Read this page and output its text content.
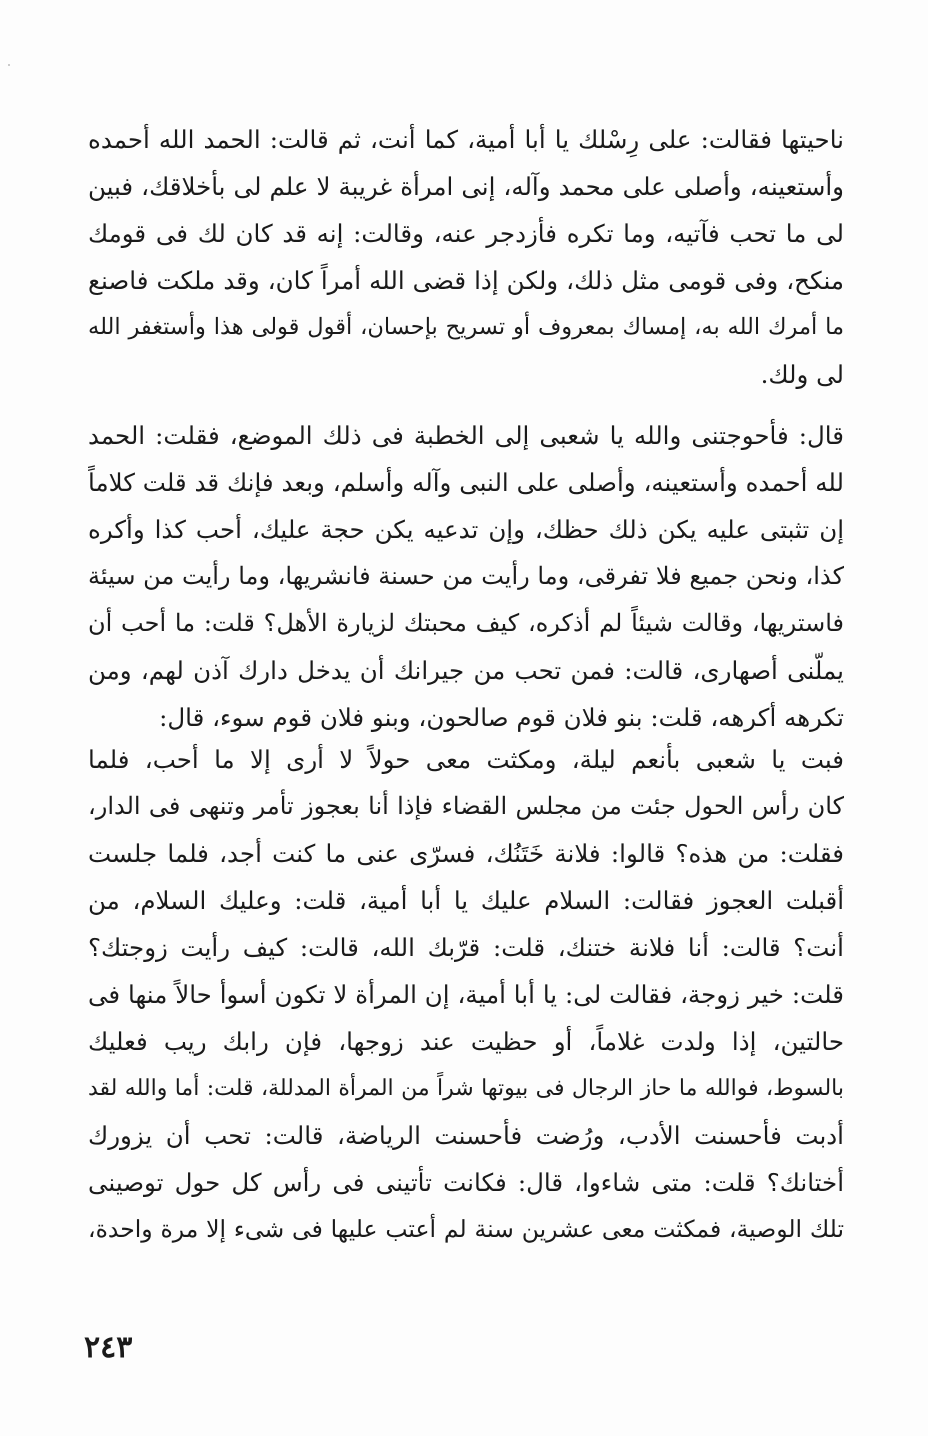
ناحيتها فقالت: على رِسْلك يا أبا أمية، كما أنت، ثم قالت: الحمد الله أحمده
وأستعينه، وأصلى على محمد وآله، إنى امرأة غريبة لا علم لى بأخلاقك، فبين
لى ما تحب فآتيه، وما تكره فأزدجر عنه، وقالت: إنه قد كان لك فى قومك
منكح، وفى قومى مثل ذلك، ولكن إذا قضى الله أمراً كان، وقد ملكت فاصنع
ما أمرك الله به، إمساك بمعروف أو تسريح بإحسان، أقول قولى هذا وأستغفر الله
لى ولك.
قال: فأحوجتنى والله يا شعبى إلى الخطبة فى ذلك الموضع، فقلت: الحمد
لله أحمده وأستعينه، وأصلى على النبى وآله وأسلم، وبعد فإنك قد قلت كلاماً
إن تثبتى عليه يكن ذلك حظك، وإن تدعيه يكن حجة عليك، أحب كذا وأكره
كذا، ونحن جميع فلا تفرقى، وما رأيت من حسنة فانشريها، وما رأيت من سيئة
فاستريها، وقالت شيئاً لم أذكره، كيف محبتك لزيارة الأهل؟ قلت: ما أحب أن
يملّنى أصهارى، قالت: فمن تحب من جيرانك أن يدخل دارك آذن لهم، ومن
تكرهه أكرهه، قلت: بنو فلان قوم صالحون، وبنو فلان قوم سوء، قال:
فبت يا شعبى بأنعم ليلة، ومكثت معى حولاً لا أرى إلا ما أحب، فلما
كان رأس الحول جئت من مجلس القضاء فإذا أنا بعجوز تأمر وتنهى فى الدار،
فقلت: من هذه؟ قالوا: فلانة خَتَنُك، فسرّى عنى ما كنت أجد، فلما جلست
أقبلت العجوز فقالت: السلام عليك يا أبا أمية، قلت: وعليك السلام، من
أنت؟ قالت: أنا فلانة ختنك، قلت: قرّبك الله، قالت: كيف رأيت زوجتك؟
قلت: خير زوجة، فقالت لى: يا أبا أمية، إن المرأة لا تكون أسوأ حالاً منها فى
حالتين، إذا ولدت غلاماً، أو حظيت عند زوجها، فإن رابك ريب فعليك
بالسوط، فوالله ما حاز الرجال فى بيوتها شراً من المرأة المدللة، قلت: أما والله لقد
أدبت فأحسنت الأدب، ورُضت فأحسنت الرياضة، قالت: تحب أن يزورك
أختانك؟ قلت: متى شاءوا، قال: فكانت تأتينى فى رأس كل حول توصينى
تلك الوصية، فمكثت معى عشرين سنة لم أعتب عليها فى شىء إلا مرة واحدة،
٢٤٣
